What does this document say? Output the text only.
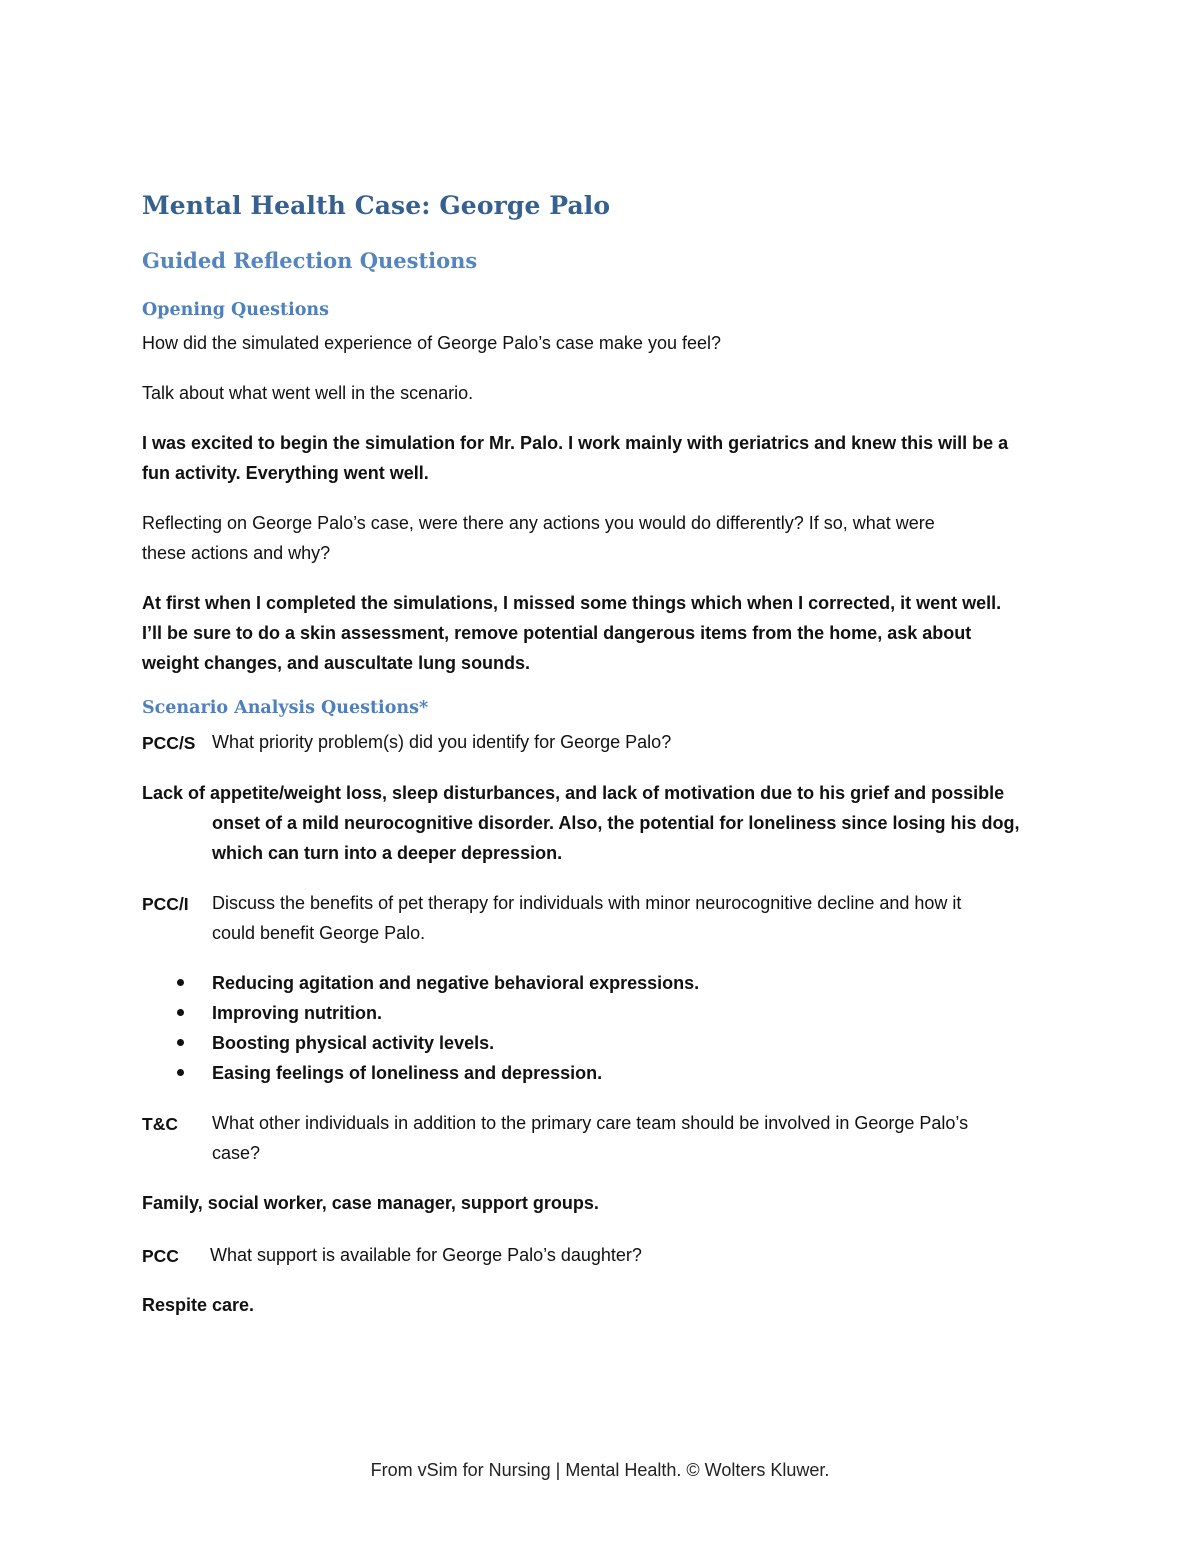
Mental Health Case: George Palo
Guided Reflection Questions
Opening Questions

How did the simulated experience of George Palo’s case make you feel?

Talk about what went well in the scenario.

I was excited to begin the simulation for Mr. Palo. I work mainly with geriatrics and knew this will be a
fun activity. Everything went well.
Reflecting on George Palo’s case, were there any actions you would do differently? If so, what were
these actions and why?
At first when I completed the simulations, I missed some things which when I corrected, it went well.
I’ll be sure to do a skin assessment, remove potential dangerous items from the home, ask about
weight changes, and auscultate lung sounds.
Scenario Analysis Questions*
PCC/S What priority problem(s) did you identify for George Palo?

Lack of appetite/weight loss, sleep disturbances, and lack of motivation due to his grief and possible
onset of a mild neurocognitive disorder. Also, the potential for loneliness since losing his dog,
which can turn into a deeper depression.
PCC/I Discuss the benefits of pet therapy for individuals with minor neurocognitive decline and how it
could benefit George Palo.

Reducing agitation and negative behavioral expressions.

Improving nutrition.

Boosting physical activity levels.

Easing feelings of loneliness and depression.

T&C What other individuals in addition to the primary care team should be involved in George Palo’s
case?

Family, social worker, case manager, support groups.

PCC What support is available for George Palo’s daughter?

Respite care.

From vSim for Nursing | Mental Health. © Wolters Kluwer.
